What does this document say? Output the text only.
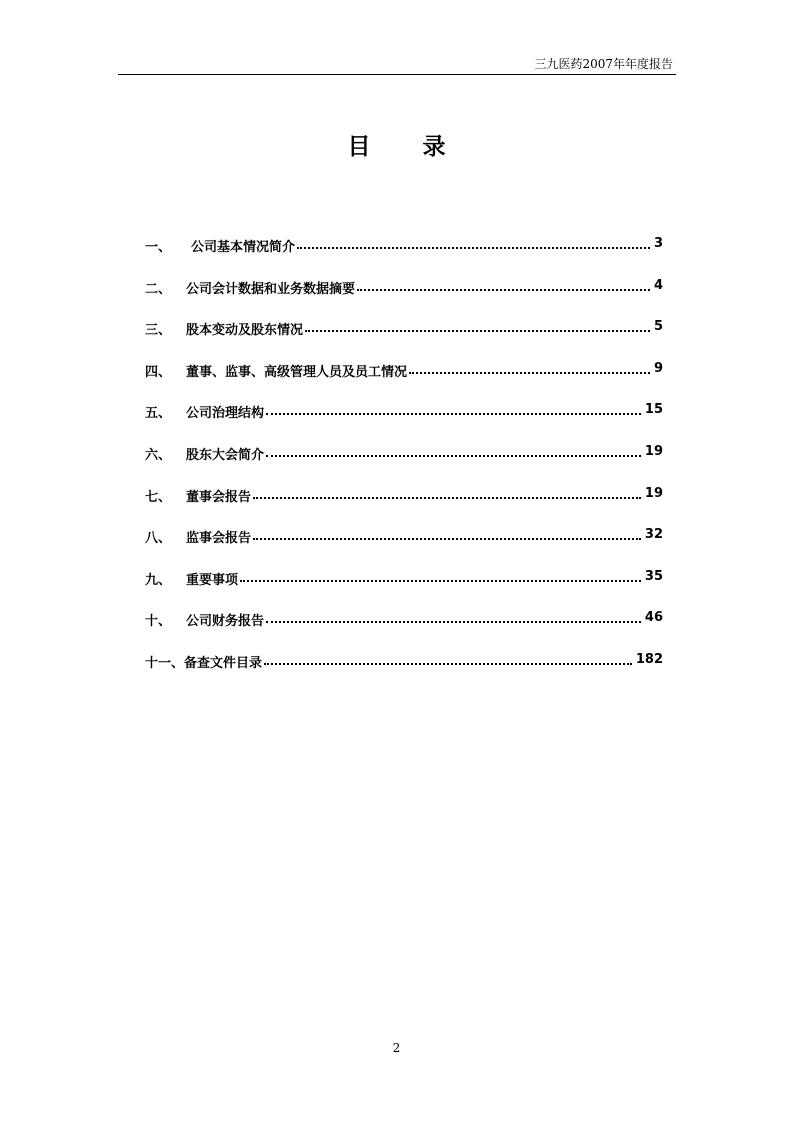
三九医药2007年年度报告
目 录
一、 公司基本情况简介	3
二、 公司会计数据和业务数据摘要	4
三、 股本变动及股东情况	5
四、 董事、监事、高级管理人员及员工情况	9
五、 公司治理结构	15
六、 股东大会简介	19
七、 董事会报告	19
八、 监事会报告	32
九、 重要事项	35
十、 公司财务报告	46
十一、 备查文件目录	182
2
